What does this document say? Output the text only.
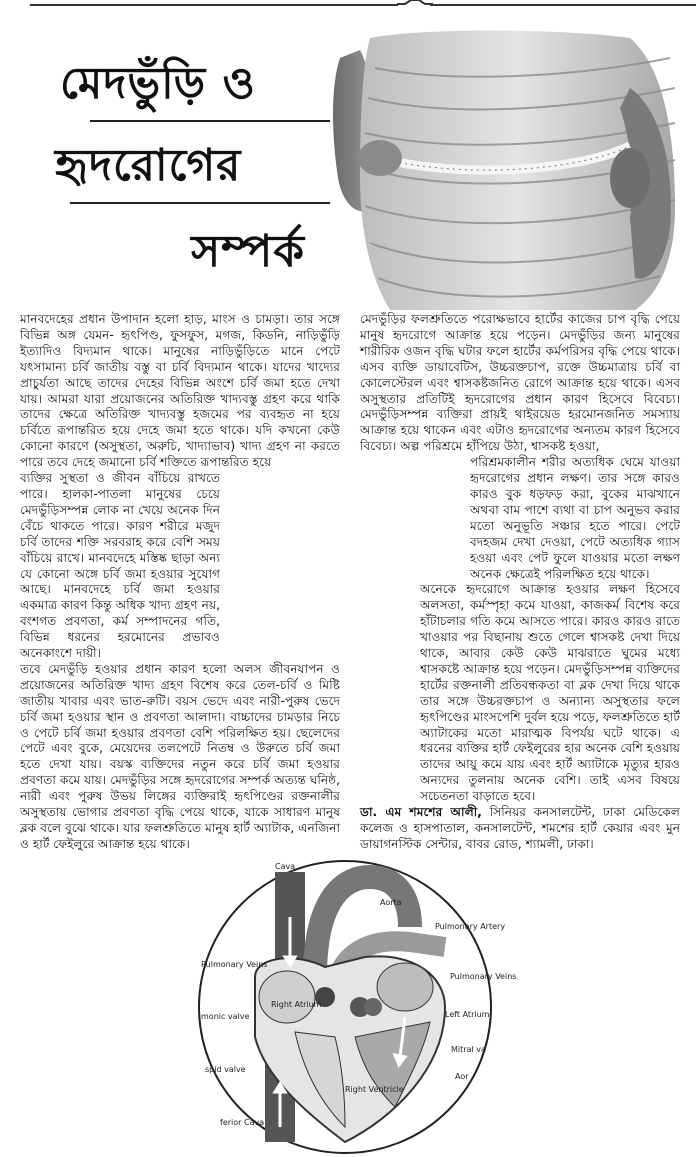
মেদভুঁড়ি ও
হৃদরোগের
সম্পর্ক

মানবদেহের প্রধান উপাদান হলো হাড়, মাংস ও চামড়া। তার সঙ্গে বিভিন্ন অঙ্গ যেমন- হৃৎপিণ্ড, ফুসফুস, মগজ, কিডনি, নাড়িভুঁড়ি ইত্যাদিও বিদ্যমান থাকে। মানুষের নাড়িভুঁড়িতে মানে পেটে যৎসামান্য চর্বি জাতীয় বস্তু বা চর্বি বিদ্যমান থাকে। যাদের খাদ্যের প্রাচুর্যতা আছে তাদের দেহের বিভিন্ন অংশে চর্বি জমা হতে দেখা যায়। আমরা যারা প্রয়োজনের অতিরিক্ত খাদ্যবস্তু গ্রহণ করে থাকি তাদের ক্ষেত্রে অতিরিক্ত খাদ্যবস্তু হজমের পর ব্যবহৃত না হয়ে চর্বিতে রূপান্তরিত হয়ে দেহে জমা হতে থাকে। যদি কখনো কেউ কোনো কারণে (অসুস্থতা, অরুচি, খাদ্যাভাব) খাদ্য গ্রহণ না করতে পারে তবে দেহে জমানো চর্বি শক্তিতে রূপান্তরিত হয়ে

ব্যক্তির সুস্থতা ও জীবন বাঁচিয়ে রাখতে পারে। হালকা-পাতলা মানুষের চেয়ে মেদভুঁড়িসম্পন্ন লোক না খেয়ে অনেক দিন বেঁচে থাকতে পারে। কারণ শরীরে মজুদ চর্বি তাদের শক্তি সরবরাহ করে বেশি সময় বাঁচিয়ে রাখে। মানবদেহে মস্তিষ্ক ছাড়া অন্য যে কোনো অঙ্গে চর্বি জমা হওয়ার সুযোগ আছে। মানবদেহে চর্বি জমা হওয়ার একমাত্র কারণ কিন্তু অধিক খাদ্য গ্রহণ নয়, বংশগত প্রবণতা, কর্ম সম্পাদনের গতি, বিভিন্ন ধরনের হরমোনের প্রভাবও অনেকাংশে দায়ী।

তবে মেদভুঁড়ি হওয়ার প্রধান কারণ হলো অলস জীবনযাপন ও প্রয়োজনের অতিরিক্ত খাদ্য গ্রহণ বিশেষ করে তেল-চর্বি ও মিষ্টি জাতীয় খাবার এবং ভাত-রুটি। বয়স ভেদে এবং নারী-পুরুষ ভেদে চর্বি জমা হওয়ার স্থান ও প্রবণতা আলাদা। বাচ্চাদের চামড়ার নিচে ও পেটে চর্বি জমা হওয়ার প্রবণতা বেশি পরিলক্ষিত হয়। ছেলেদের পেটে এবং বুকে, মেয়েদের তলপেটে নিতম্ব ও উরুতে চর্বি জমা হতে দেখা যায়। বয়স্ক ব্যক্তিদের নতুন করে চর্বি জমা হওয়ার প্রবণতা কমে যায়। মেদভুঁড়ির সঙ্গে হৃদরোগের সম্পর্ক অত্যন্ত ঘনিষ্ঠ, নারী এবং পুরুষ উভয় লিঙ্গের ব্যক্তিরাই হৃৎপিণ্ডের রক্তনালীর অসুস্থতায় ভোগার প্রবণতা বৃদ্ধি পেয়ে থাকে, যাকে সাধারণ মানুষ ব্লক বলে বুঝে থাকে। যার ফলশ্রুতিতে মানুষ হার্ট অ্যাটাক, এনজিনা ও হার্ট ফেইলুরে আক্রান্ত হয়ে থাকে।

মেদভুঁড়ির ফলশ্রুতিতে পরোক্ষভাবে হার্টের কাজের চাপ বৃদ্ধি পেয়ে মানুষ হৃদরোগে আক্রান্ত হয়ে পড়েন। মেদভুঁড়ির জন্য মানুষের শারীরিক ওজন বৃদ্ধি ঘটার ফলে হার্টের কর্মপরিসর বৃদ্ধি পেয়ে থাকে। এসব ব্যক্তি ডায়াবেটিস, উচ্চরক্তচাপ, রক্তে উচ্চমাত্রায় চর্বি বা কোলেস্টেরল এবং শ্বাসকষ্টজনিত রোগে আক্রান্ত হয়ে থাকে। এসব অসুস্থতার প্রতিটিই হৃদরোগের প্রধান কারণ হিসেবে বিবেচ্য। মেদভুঁড়িসম্পন্ন ব্যক্তিরা প্রায়ই থাইরয়েড হরমোনজনিত সমস্যায় আক্রান্ত হয়ে থাকেন এবং এটাও হৃদরোগের অন্যতম কারণ হিসেবে বিবেচ্য। অল্প পরিশ্রমে হাঁপিয়ে উঠা, শ্বাসকষ্ট হওয়া,

পরিশ্রমকালীন শরীর অত্যধিক ঘেমে যাওয়া হৃদরোগের প্রধান লক্ষণ। তার সঙ্গে কারও কারও বুক ধড়ফড় করা, বুকের মাঝখানে অথবা বাম পাশে ব্যথা বা চাপ অনুভব করার মতো অনুভূতি সঞ্চার হতে পারে। পেটে বদহজম দেখা দেওয়া, পেটে অত্যধিক গ্যাস হওয়া এবং পেট ফুলে যাওয়ার মতো লক্ষণ অনেক ক্ষেত্রেই পরিলক্ষিত হয়ে থাকে।

অনেকে হৃদরোগে আক্রান্ত হওয়ার লক্ষণ হিসেবে অলসতা, কর্মস্পৃহা কমে যাওয়া, কাজকর্ম বিশেষ করে হাঁটাচলার গতি কমে আসতে পারে। কারও কারও রাতে খাওয়ার পর বিছানায় শুতে গেলে শ্বাসকষ্ট দেখা দিয়ে থাকে, আবার কেউ কেউ মাঝরাতে ঘুমের মধ্যে শ্বাসকষ্টে আক্রান্ত হয়ে পড়েন। মেদভুঁড়িসম্পন্ন ব্যক্তিদের হার্টের রক্তনালী প্রতিবন্ধকতা বা ব্লক দেখা দিয়ে থাকে তার সঙ্গে উচ্চরক্তচাপ ও অন্যান্য অসুস্থতার ফলে হৃৎপিণ্ডের মাংসপেশি দুর্বল হয়ে পড়ে, ফলশ্রুতিতে হার্ট অ্যাটাকের মতো মারাত্মক বিপর্যয় ঘটে থাকে। এ ধরনের ব্যক্তির হার্ট ফেইলুরের হার অনেক বেশি হওয়ায় তাদের আয়ু কমে যায় এবং হার্ট অ্যাটাকে মৃত্যুর হারও অন্যদের তুলনায় অনেক বেশি। তাই এসব বিষয়ে সচেতনতা বাড়াতে হবে।

ডা. এম শমশের আলী, সিনিয়র কনসালটেন্ট, ঢাকা মেডিকেল কলেজ ও হাসপাতাল, কনসালটেন্ট, শমশের হার্ট কেয়ার এবং মুন ডায়াগনস্টিক সেন্টার, বাবর রোড, শ্যামলী, ঢাকা।

Cava
Aorta
Pulmonary Artery
Pulmonary Veins
Pulmonary Veins
Right Atrium
Left Atrium
Mitral va
Aor
monic valve
spid valve
ferior Cava
Right Ventricle
